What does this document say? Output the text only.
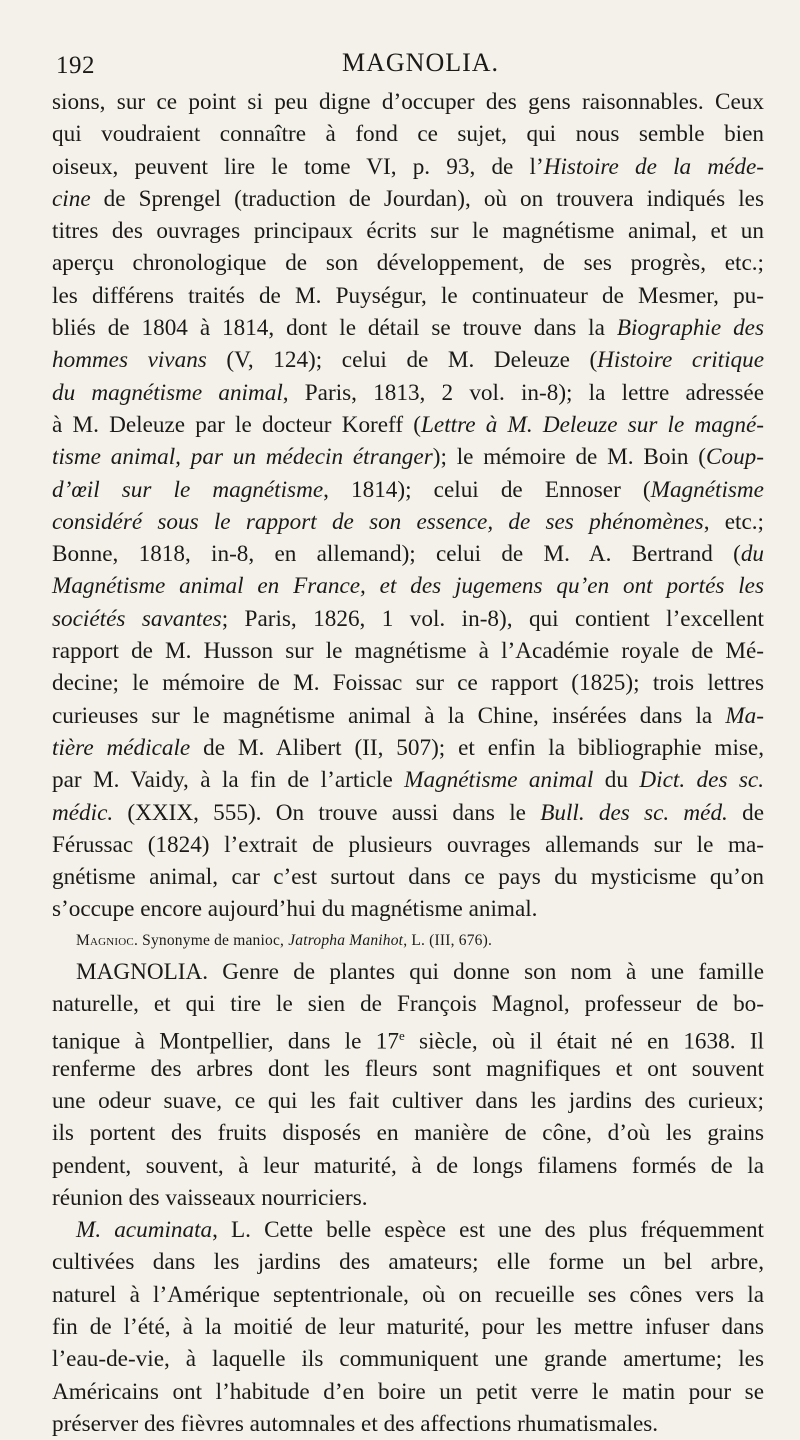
192	MAGNOLIA.
sions, sur ce point si peu digne d’occuper des gens raisonnables. Ceux
qui voudraient connaître à fond ce sujet, qui nous semble bien
oiseux, peuvent lire le tome VI, p. 93, de l’Histoire de la méde-
cine de Sprengel (traduction de Jourdan), où on trouvera indiqués les
titres des ouvrages principaux écrits sur le magnétisme animal, et un
aperçu chronologique de son développement, de ses progrès, etc.;
les différens traités de M. Puységur, le continuateur de Mesmer, pu-
bliés de 1804 à 1814, dont le détail se trouve dans la Biographie des
hommes vivans (V, 124); celui de M. Deleuze (Histoire critique
du magnétisme animal, Paris, 1813, 2 vol. in-8); la lettre adressée
à M. Deleuze par le docteur Koreff (Lettre à M. Deleuze sur le magné-
tisme animal, par un médecin étranger); le mémoire de M. Boin (Coup-
d’œil sur le magnétisme, 1814); celui de Ennoser (Magnétisme
considéré sous le rapport de son essence, de ses phénomènes, etc.;
Bonne, 1818, in-8, en allemand); celui de M. A. Bertrand (du
Magnétisme animal en France, et des jugemens qu’en ont portés les
sociétés savantes; Paris, 1826, 1 vol. in-8), qui contient l’excellent
rapport de M. Husson sur le magnétisme à l’Académie royale de Mé-
decine; le mémoire de M. Foissac sur ce rapport (1825); trois lettres
curieuses sur le magnétisme animal à la Chine, insérées dans la Ma-
tière médicale de M. Alibert (II, 507); et enfin la bibliographie mise,
par M. Vaidy, à la fin de l’article Magnétisme animal du Dict. des sc.
médic. (XXIX, 555). On trouve aussi dans le Bull. des sc. méd. de
Férussac (1824) l’extrait de plusieurs ouvrages allemands sur le ma-
gnétisme animal, car c’est surtout dans ce pays du mysticisme qu’on
s’occupe encore aujourd’hui du magnétisme animal.
Magnioc. Synonyme de manioc, Jatropha Manihot, L. (III, 676).
MAGNOLIA. Genre de plantes qui donne son nom à une famille
naturelle, et qui tire le sien de François Magnol, professeur de bo-
tanique à Montpellier, dans le 17e siècle, où il était né en 1638. Il
renferme des arbres dont les fleurs sont magnifiques et ont souvent
une odeur suave, ce qui les fait cultiver dans les jardins des curieux;
ils portent des fruits disposés en manière de cône, d’où les grains
pendent, souvent, à leur maturité, à de longs filamens formés de la
réunion des vaisseaux nourriciers.
M. acuminata, L. Cette belle espèce est une des plus fréquemment
cultivées dans les jardins des amateurs; elle forme un bel arbre,
naturel à l’Amérique septentrionale, où on recueille ses cônes vers la
fin de l’été, à la moitié de leur maturité, pour les mettre infuser dans
l’eau-de-vie, à laquelle ils communiquent une grande amertume; les
Américains ont l’habitude d’en boire un petit verre le matin pour se
préserver des fièvres automnales et des affections rhumatismales.
